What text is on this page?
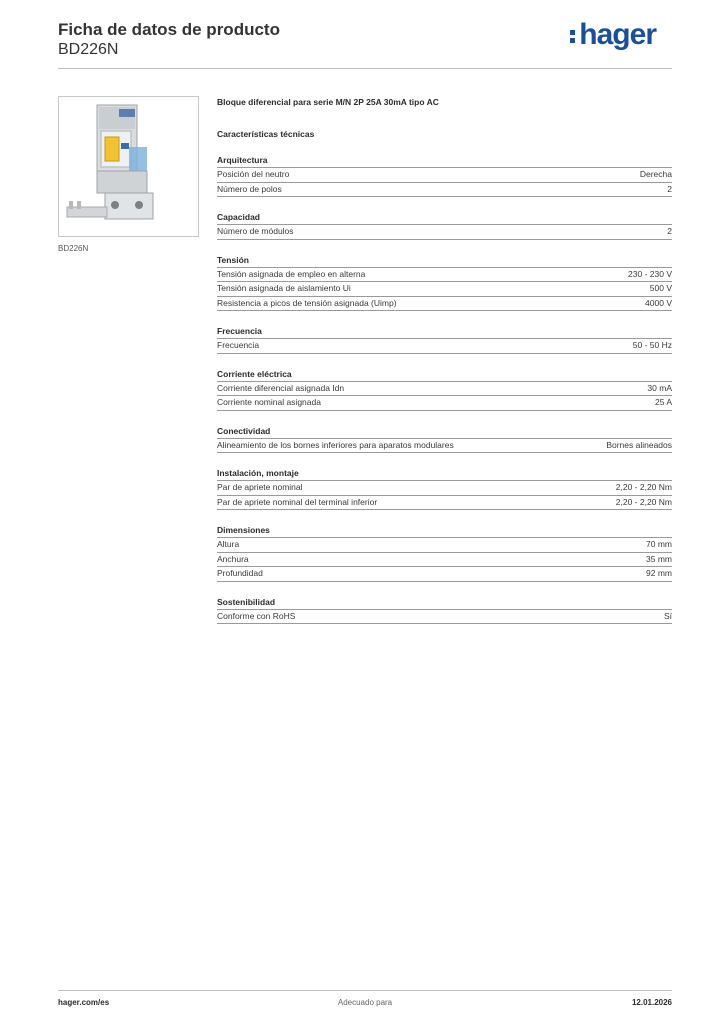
Ficha de datos de producto
BD226N	hager
BD226N
Bloque diferencial para serie M/N 2P 25A 30mA tipo AC
Características técnicas
Arquitectura
Posición del neutro	Derecha
Número de polos	2
Capacidad
Número de módulos	2
Tensión
Tensión asignada de empleo en alterna	230 - 230 V
Tensión asignada de aislamiento Ui	500 V
Resistencia a picos de tensión asignada (Uimp)	4000 V
Frecuencia
Frecuencia	50 - 50 Hz
Corriente eléctrica
Corriente diferencial asignada Idn	30 mA
Corriente nominal asignada	25 A
Conectividad
Alineamiento de los bornes inferiores para aparatos modulares	Bornes alineados
Instalación, montaje
Par de apriete nominal	2,20 - 2,20 Nm
Par de apriete nominal del terminal inferior	2,20 - 2,20 Nm
Dimensiones
Altura	70 mm
Anchura	35 mm
Profundidad	92 mm
Sostenibilidad
Conforme con RoHS	Sí
hager.com/es	Adecuado para	12.01.2026
